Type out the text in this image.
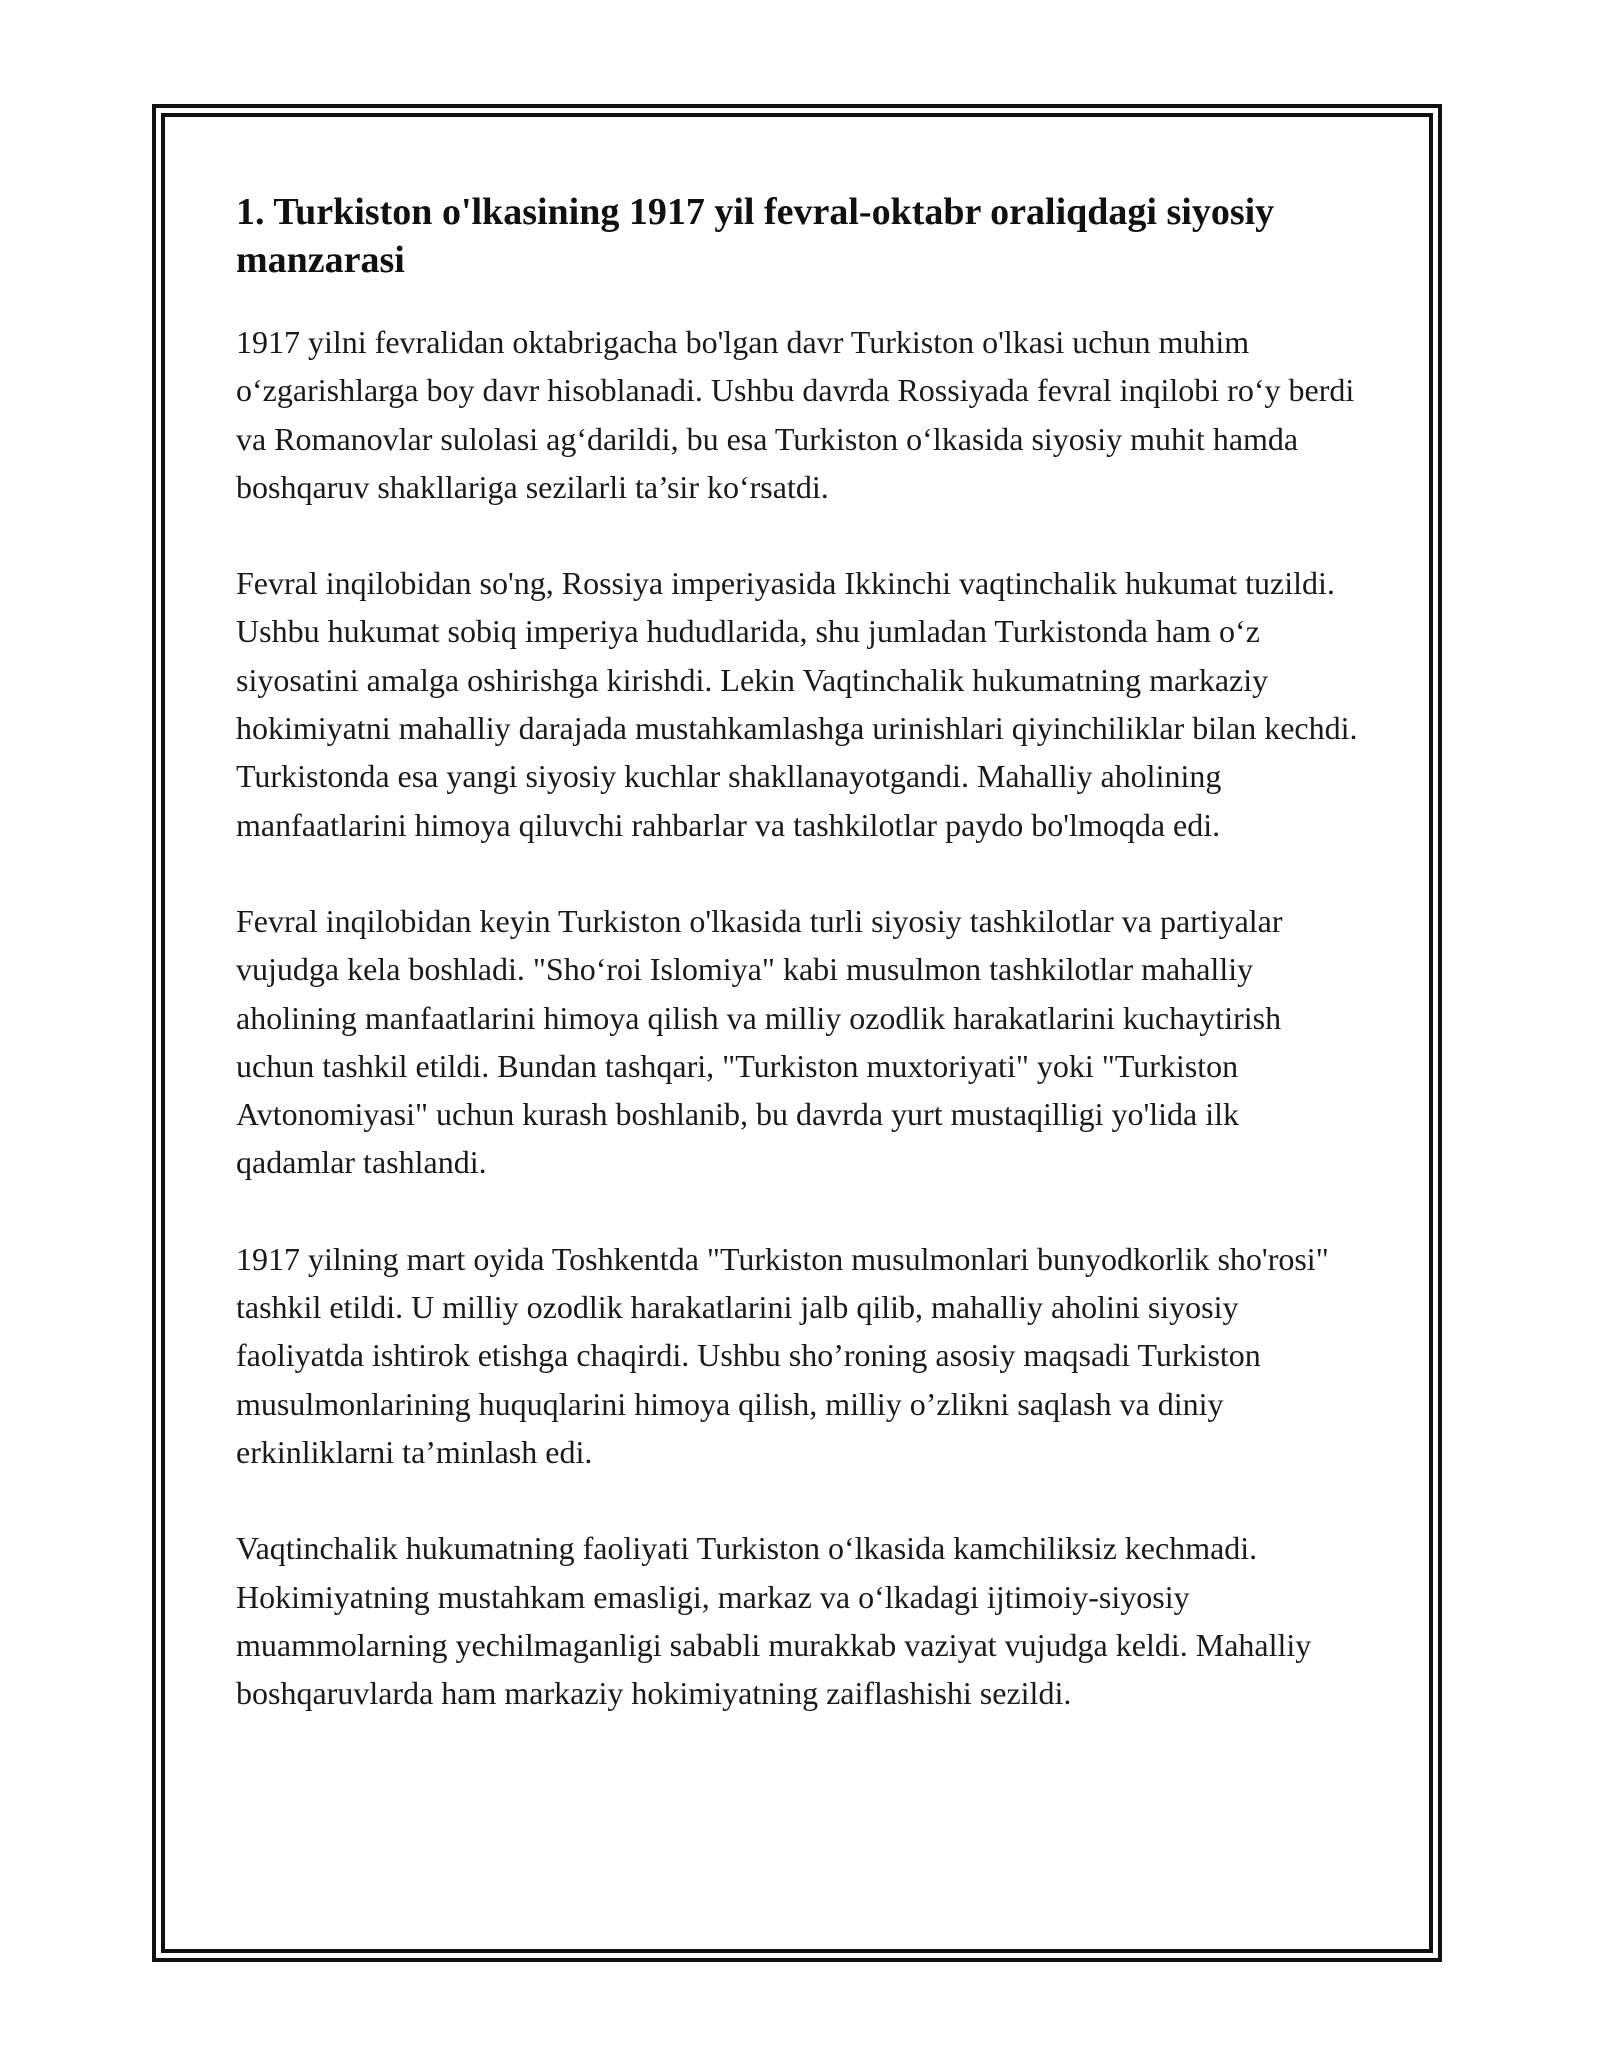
1. Turkiston o'lkasining 1917 yil fevral-oktabr oraliqdagi siyosiy manzarasi

1917 yilni fevralidan oktabrigacha bo'lgan davr Turkiston o'lkasi uchun muhim o‘zgarishlarga boy davr hisoblanadi. Ushbu davrda Rossiyada fevral inqilobi ro‘y berdi va Romanovlar sulolasi ag‘darildi, bu esa Turkiston o‘lkasida siyosiy muhit hamda boshqaruv shakllariga sezilarli ta’sir ko‘rsatdi.

Fevral inqilobidan so'ng, Rossiya imperiyasida Ikkinchi vaqtinchalik hukumat tuzildi. Ushbu hukumat sobiq imperiya hududlarida, shu jumladan Turkistonda ham o‘z siyosatini amalga oshirishga kirishdi. Lekin Vaqtinchalik hukumatning markaziy hokimiyatni mahalliy darajada mustahkamlashga urinishlari qiyinchiliklar bilan kechdi. Turkistonda esa yangi siyosiy kuchlar shakllanayotgandi. Mahalliy aholining manfaatlarini himoya qiluvchi rahbarlar va tashkilotlar paydo bo'lmoqda edi.

Fevral inqilobidan keyin Turkiston o'lkasida turli siyosiy tashkilotlar va partiyalar vujudga kela boshladi. "Sho‘roi Islomiya" kabi musulmon tashkilotlar mahalliy aholining manfaatlarini himoya qilish va milliy ozodlik harakatlarini kuchaytirish uchun tashkil etildi. Bundan tashqari, "Turkiston muxtoriyati" yoki "Turkiston Avtonomiyasi" uchun kurash boshlanib, bu davrda yurt mustaqilligi yo'lida ilk qadamlar tashlandi.

1917 yilning mart oyida Toshkentda "Turkiston musulmonlari bunyodkorlik sho'rosi" tashkil etildi. U milliy ozodlik harakatlarini jalb qilib, mahalliy aholini siyosiy faoliyatda ishtirok etishga chaqirdi. Ushbu sho’roning asosiy maqsadi Turkiston musulmonlarining huquqlarini himoya qilish, milliy o’zlikni saqlash va diniy erkinliklarni ta’minlash edi.

Vaqtinchalik hukumatning faoliyati Turkiston o‘lkasida kamchiliksiz kechmadi. Hokimiyatning mustahkam emasligi, markaz va o‘lkadagi ijtimoiy-siyosiy muammolarning yechilmaganligi sababli murakkab vaziyat vujudga keldi. Mahalliy boshqaruvlarda ham markaziy hokimiyatning zaiflashishi sezildi.
